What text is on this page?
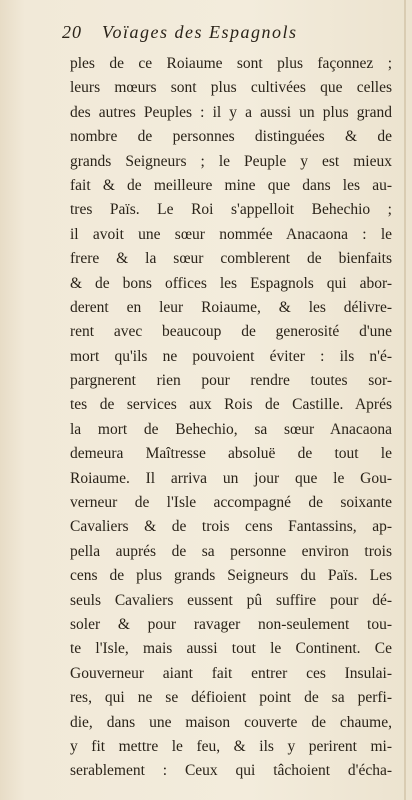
20 Voïages des Espagnols
ples de ce Roiaume sont plus façonnez ;
leurs mœurs sont plus cultivées que celles
des autres Peuples : il y a aussi un plus grand
nombre de personnes distinguées & de
grands Seigneurs ; le Peuple y est mieux
fait & de meilleure mine que dans les au-
tres Païs. Le Roi s'appelloit Behechio ;
il avoit une sœur nommée Anacaona : le
frere & la sœur comblerent de bienfaits
& de bons offices les Espagnols qui abor-
derent en leur Roiaume, & les délivre-
rent avec beaucoup de generosité d'une
mort qu'ils ne pouvoient éviter : ils n'é-
pargnerent rien pour rendre toutes sor-
tes de services aux Rois de Castille. Aprés
la mort de Behechio, sa sœur Anacaona
demeura Maîtresse absoluë de tout le
Roiaume. Il arriva un jour que le Gou-
verneur de l'Isle accompagné de soixante
Cavaliers & de trois cens Fantassins, ap-
pella auprés de sa personne environ trois
cens de plus grands Seigneurs du Païs. Les
seuls Cavaliers eussent pû suffire pour dé-
soler & pour ravager non-seulement tou-
te l'Isle, mais aussi tout le Continent. Ce
Gouverneur aiant fait entrer ces Insulai-
res, qui ne se défioient point de sa perfi-
die, dans une maison couverte de chaume,
y fit mettre le feu, & ils y perirent mi-
serablement : Ceux qui tâchoient d'écha-
